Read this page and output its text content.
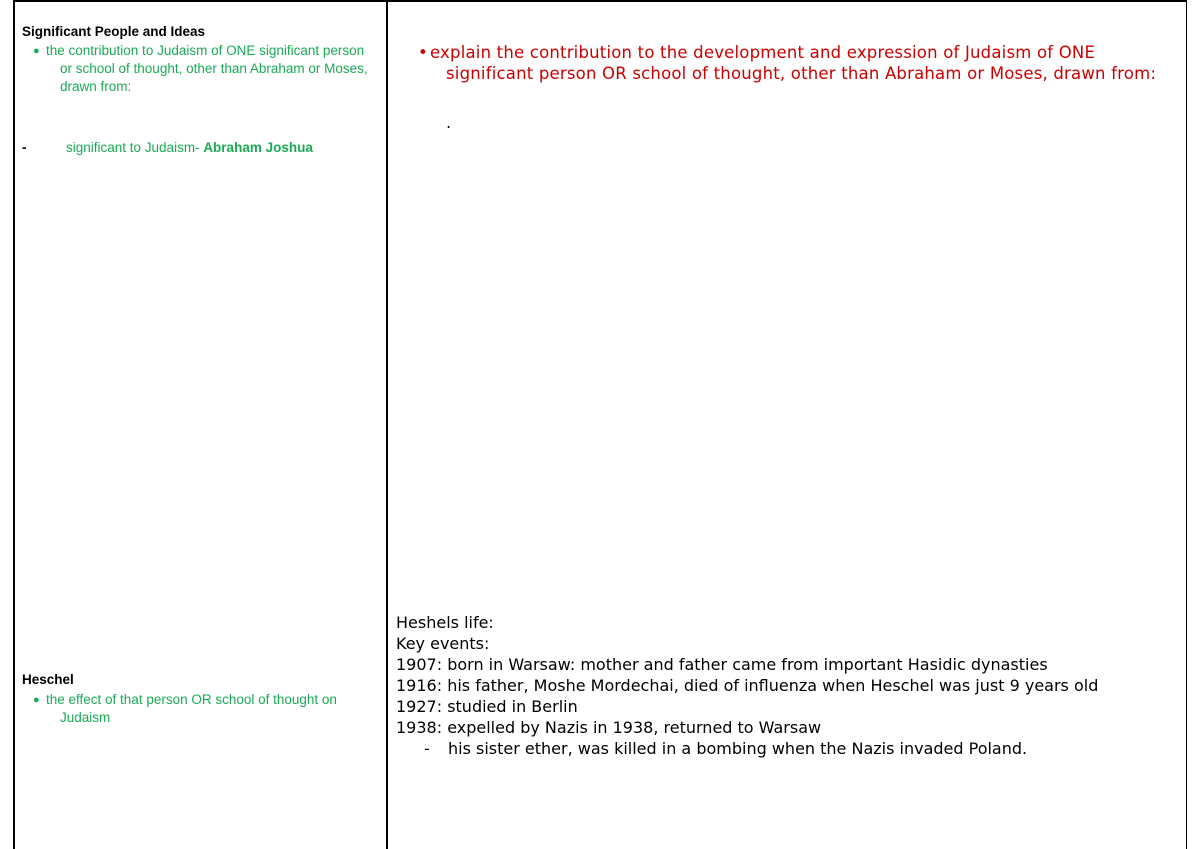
Significant People and Ideas
● the contribution to Judaism of ONE significant person or school of thought, other than Abraham or Moses, drawn from:
-	significant to Judaism- Abraham Joshua
Heschel
● the effect of that person OR school of thought on Judaism
• explain the contribution to the development and expression of Judaism of ONE significant person OR school of thought, other than Abraham or Moses, drawn from:
.
Heshels life:
Key events:
1907: born in Warsaw: mother and father came from important Hasidic dynasties
1916: his father, Moshe Mordechai, died of influenza when Heschel was just 9 years old
1927: studied in Berlin
1938: expelled by Nazis in 1938, returned to Warsaw
- his sister ether, was killed in a bombing when the Nazis invaded Poland.
